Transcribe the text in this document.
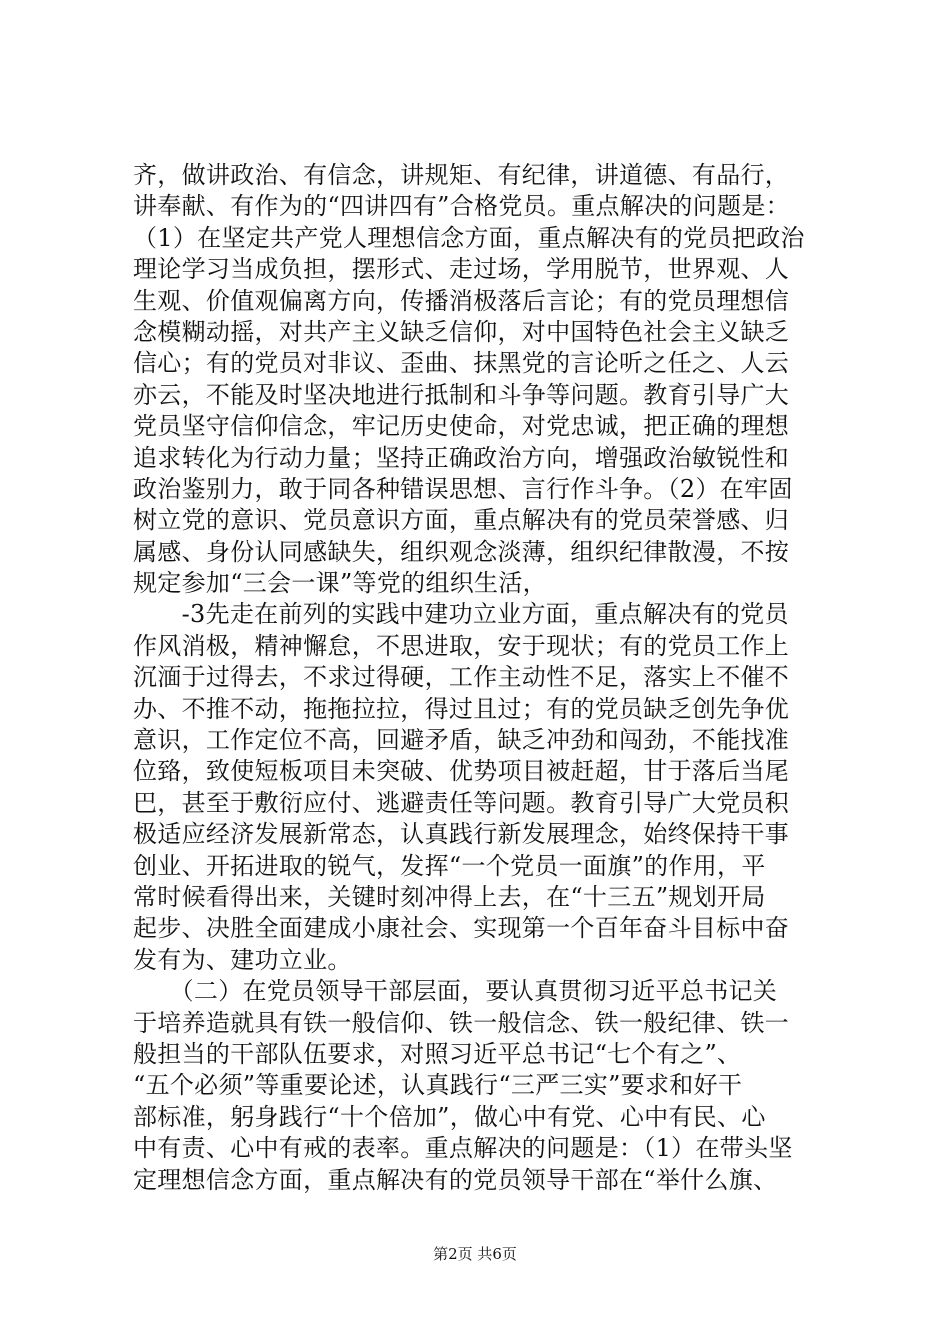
齐，做讲政治、有信念，讲规矩、有纪律，讲道德、有品行，
讲奉献、有作为的“四讲四有”合格党员。重点解决的问题是：
（1）在坚定共产党人理想信念方面，重点解决有的党员把政治
理论学习当成负担，摆形式、走过场，学用脱节，世界观、人
生观、价值观偏离方向，传播消极落后言论；有的党员理想信
念模糊动摇，对共产主义缺乏信仰，对中国特色社会主义缺乏
信心；有的党员对非议、歪曲、抹黑党的言论听之任之、人云
亦云，不能及时坚决地进行抵制和斗争等问题。教育引导广大
党员坚守信仰信念，牢记历史使命，对党忠诚，把正确的理想
追求转化为行动力量；坚持正确政治方向，增强政治敏锐性和
政治鉴别力，敢于同各种错误思想、言行作斗争。（2）在牢固
树立党的意识、党员意识方面，重点解决有的党员荣誉感、归
属感、身份认同感缺失，组织观念淡薄，组织纪律散漫，不按
规定参加“三会一课”等党的组织生活，
　　-3先走在前列的实践中建功立业方面，重点解决有的党员
作风消极，精神懈怠，不思进取，安于现状；有的党员工作上
沉湎于过得去，不求过得硬，工作主动性不足，落实上不催不
办、不推不动，拖拖拉拉，得过且过；有的党员缺乏创先争优
意识，工作定位不高，回避矛盾，缺乏冲劲和闯劲，不能找准
位臵，致使短板项目未突破、优势项目被赶超，甘于落后当尾
巴，甚至于敷衍应付、逃避责任等问题。教育引导广大党员积
极适应经济发展新常态，认真践行新发展理念，始终保持干事
创业、开拓进取的锐气，发挥“一个党员一面旗”的作用，平
常时候看得出来，关键时刻冲得上去，在“十三五”规划开局
起步、决胜全面建成小康社会、实现第一个百年奋斗目标中奋
发有为、建功立业。
　　（二）在党员领导干部层面，要认真贯彻习近平总书记关
于培养造就具有铁一般信仰、铁一般信念、铁一般纪律、铁一
般担当的干部队伍要求，对照习近平总书记“七个有之”、
“五个必须”等重要论述，认真践行“三严三实”要求和好干
部标准，躬身践行“十个倍加”，做心中有党、心中有民、心
中有责、心中有戒的表率。重点解决的问题是：（1）在带头坚
定理想信念方面，重点解决有的党员领导干部在“举什么旗、
第2页 共6页
